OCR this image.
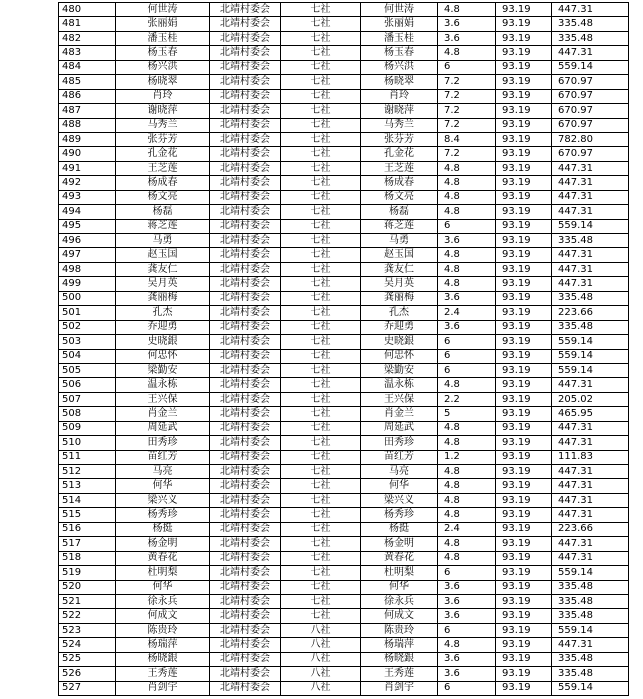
480	何世涛	北靖村委会	七社	何世涛	4.8	93.19	447.31
481	张丽娟	北靖村委会	七社	张丽娟	3.6	93.19	335.48
482	潘玉桂	北靖村委会	七社	潘玉桂	3.6	93.19	335.48
483	杨玉春	北靖村委会	七社	杨玉春	4.8	93.19	447.31
484	杨兴洪	北靖村委会	七社	杨兴洪	6	93.19	559.14
485	杨晓翠	北靖村委会	七社	杨晓翠	7.2	93.19	670.97
486	肖玲	北靖村委会	七社	肖玲	7.2	93.19	670.97
487	谢晓萍	北靖村委会	七社	谢晓萍	7.2	93.19	670.97
488	马秀兰	北靖村委会	七社	马秀兰	7.2	93.19	670.97
489	张芬芳	北靖村委会	七社	张芬芳	8.4	93.19	782.80
490	孔金花	北靖村委会	七社	孔金花	7.2	93.19	670.97
491	王芝莲	北靖村委会	七社	王芝莲	4.8	93.19	447.31
492	杨成春	北靖村委会	七社	杨成春	4.8	93.19	447.31
493	杨文亮	北靖村委会	七社	杨文亮	4.8	93.19	447.31
494	杨磊	北靖村委会	七社	杨磊	4.8	93.19	447.31
495	蒋芝莲	北靖村委会	七社	蒋芝莲	6	93.19	559.14
496	马勇	北靖村委会	七社	马勇	3.6	93.19	335.48
497	赵玉国	北靖村委会	七社	赵玉国	4.8	93.19	447.31
498	龚友仁	北靖村委会	七社	龚友仁	4.8	93.19	447.31
499	吴月英	北靖村委会	七社	吴月英	4.8	93.19	447.31
500	龚丽梅	北靖村委会	七社	龚丽梅	3.6	93.19	335.48
501	孔杰	北靖村委会	七社	孔杰	2.4	93.19	223.66
502	乔迎勇	北靖村委会	七社	乔迎勇	3.6	93.19	335.48
503	史晓銀	北靖村委会	七社	史晓銀	6	93.19	559.14
504	何忠怀	北靖村委会	七社	何忠怀	6	93.19	559.14
505	梁勤安	北靖村委会	七社	梁勤安	6	93.19	559.14
506	温永栋	北靖村委会	七社	温永栋	4.8	93.19	447.31
507	王兴保	北靖村委会	七社	王兴保	2.2	93.19	205.02
508	肖金兰	北靖村委会	七社	肖金兰	5	93.19	465.95
509	周延武	北靖村委会	七社	周延武	4.8	93.19	447.31
510	田秀珍	北靖村委会	七社	田秀珍	4.8	93.19	447.31
511	苗红芳	北靖村委会	七社	苗红芳	1.2	93.19	111.83
512	马亮	北靖村委会	七社	马亮	4.8	93.19	447.31
513	何华	北靖村委会	七社	何华	4.8	93.19	447.31
514	梁兴义	北靖村委会	七社	梁兴义	4.8	93.19	447.31
515	杨秀珍	北靖村委会	七社	杨秀珍	4.8	93.19	447.31
516	杨挺	北靖村委会	七社	杨挺	2.4	93.19	223.66
517	杨金明	北靖村委会	七社	杨金明	4.8	93.19	447.31
518	黄春花	北靖村委会	七社	黄春花	4.8	93.19	447.31
519	杜明梨	北靖村委会	七社	杜明梨	6	93.19	559.14
520	何华	北靖村委会	七社	何华	3.6	93.19	335.48
521	徐永兵	北靖村委会	七社	徐永兵	3.6	93.19	335.48
522	何成文	北靖村委会	七社	何成文	3.6	93.19	335.48
523	陈贵玲	北靖村委会	八社	陈贵玲	6	93.19	559.14
524	杨瑞萍	北靖村委会	八社	杨瑞萍	4.8	93.19	447.31
525	杨晓銀	北靖村委会	八社	杨晓銀	3.6	93.19	335.48
526	王秀莲	北靖村委会	八社	王秀莲	3.6	93.19	335.48
527	肖剑宇	北靖村委会	八社	肖剑宇	6	93.19	559.14
